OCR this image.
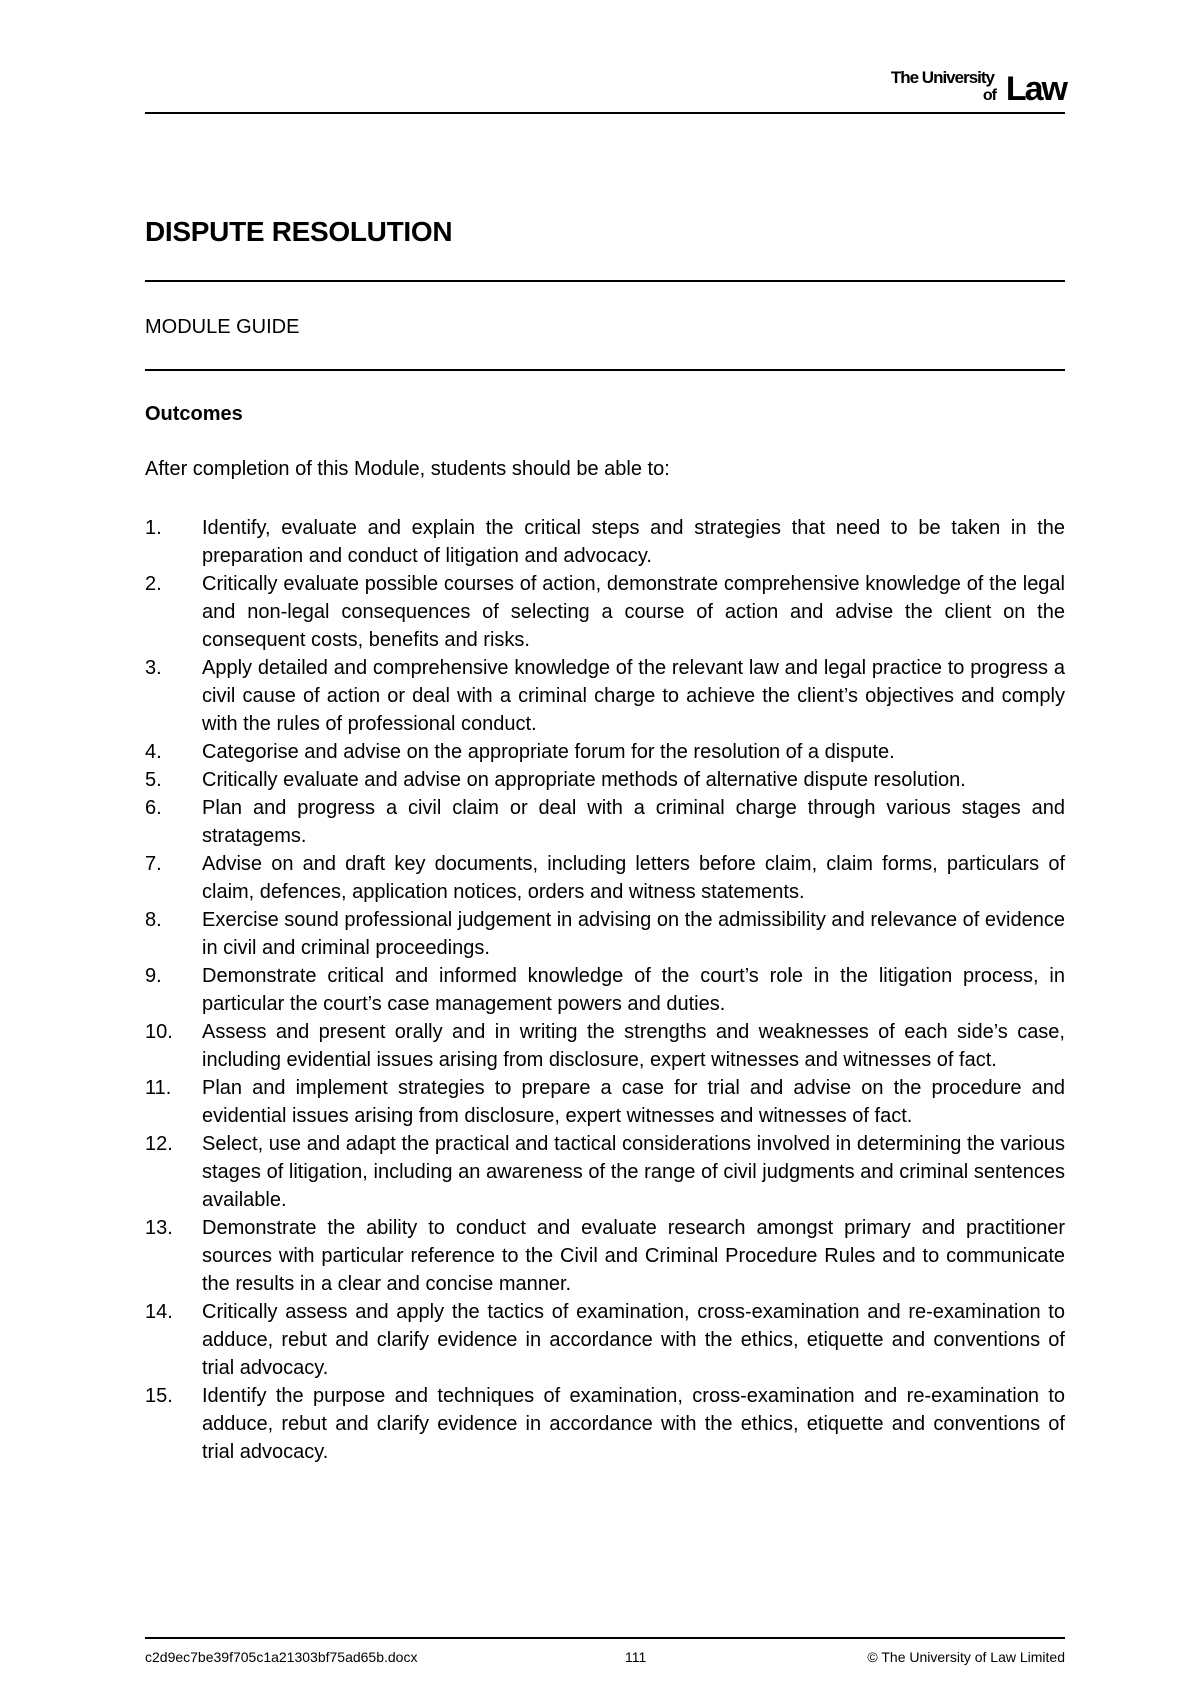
The University
of Law
DISPUTE RESOLUTION
MODULE GUIDE
Outcomes
After completion of this Module, students should be able to:
1. Identify, evaluate and explain the critical steps and strategies that need to be taken in the preparation and conduct of litigation and advocacy.
2. Critically evaluate possible courses of action, demonstrate comprehensive knowledge of the legal and non-legal consequences of selecting a course of action and advise the client on the consequent costs, benefits and risks.
3. Apply detailed and comprehensive knowledge of the relevant law and legal practice to progress a civil cause of action or deal with a criminal charge to achieve the client’s objectives and comply with the rules of professional conduct.
4. Categorise and advise on the appropriate forum for the resolution of a dispute.
5. Critically evaluate and advise on appropriate methods of alternative dispute resolution.
6. Plan and progress a civil claim or deal with a criminal charge through various stages and stratagems.
7. Advise on and draft key documents, including letters before claim, claim forms, particulars of claim, defences, application notices, orders and witness statements.
8. Exercise sound professional judgement in advising on the admissibility and relevance of evidence in civil and criminal proceedings.
9. Demonstrate critical and informed knowledge of the court’s role in the litigation process, in particular the court’s case management powers and duties.
10. Assess and present orally and in writing the strengths and weaknesses of each side’s case, including evidential issues arising from disclosure, expert witnesses and witnesses of fact.
11. Plan and implement strategies to prepare a case for trial and advise on the procedure and evidential issues arising from disclosure, expert witnesses and witnesses of fact.
12. Select, use and adapt the practical and tactical considerations involved in determining the various stages of litigation, including an awareness of the range of civil judgments and criminal sentences available.
13. Demonstrate the ability to conduct and evaluate research amongst primary and practitioner sources with particular reference to the Civil and Criminal Procedure Rules and to communicate the results in a clear and concise manner.
14. Critically assess and apply the tactics of examination, cross-examination and re-examination to adduce, rebut and clarify evidence in accordance with the ethics, etiquette and conventions of trial advocacy.
15. Identify the purpose and techniques of examination, cross-examination and re-examination to adduce, rebut and clarify evidence in accordance with the ethics, etiquette and conventions of trial advocacy.
c2d9ec7be39f705c1a21303bf75ad65b.docx	111	© The University of Law Limited
